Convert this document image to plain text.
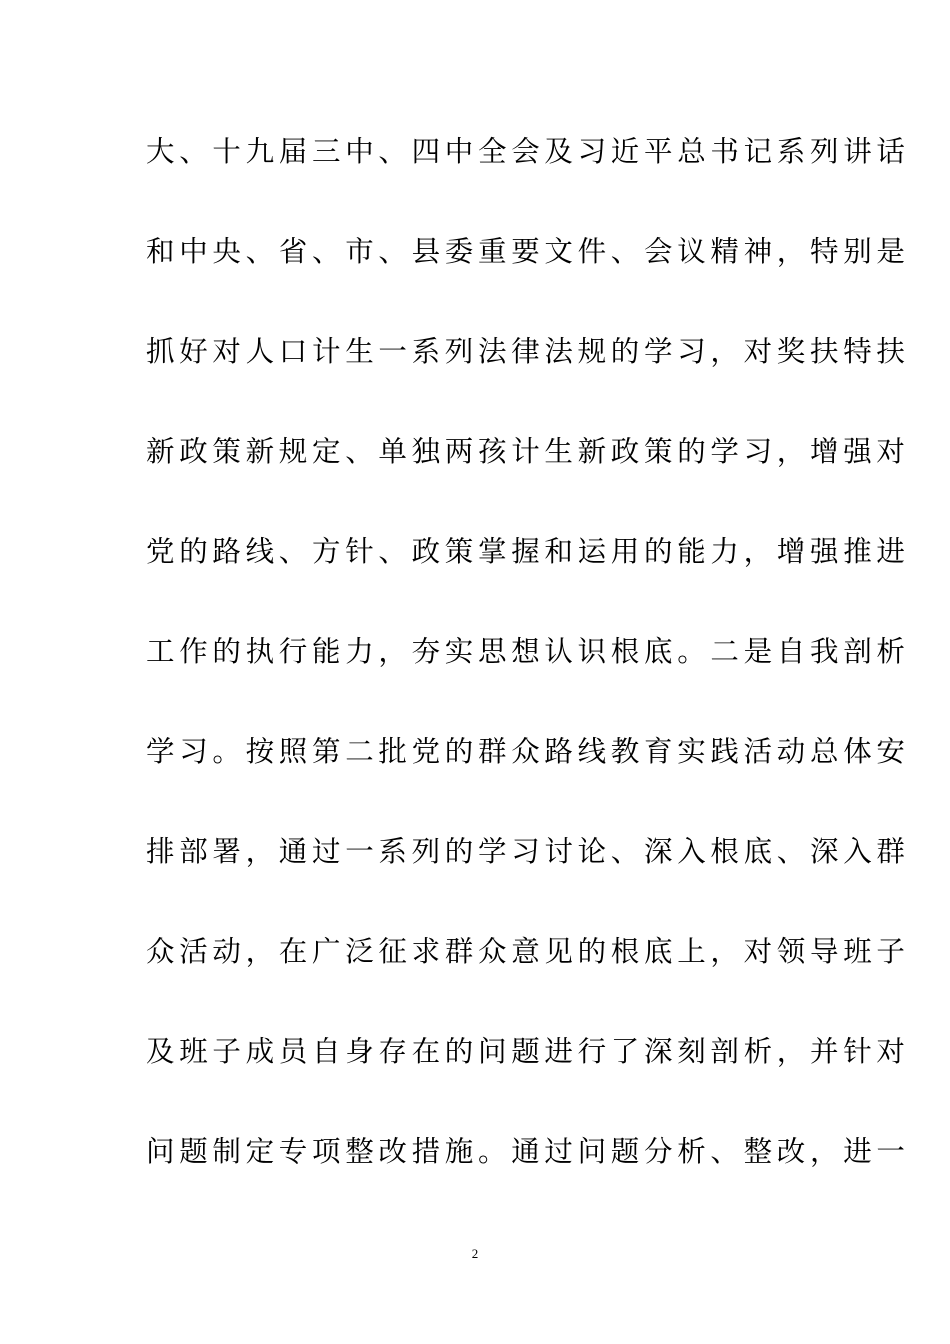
大、十九届三中、四中全会及习近平总书记系列讲话
和中央、省、市、县委重要文件、会议精神，特别是
抓好对人口计生一系列法律法规的学习，对奖扶特扶
新政策新规定、单独两孩计生新政策的学习，增强对
党的路线、方针、政策掌握和运用的能力，增强推进
工作的执行能力，夯实思想认识根底。二是自我剖析
学习。按照第二批党的群众路线教育实践活动总体安
排部署，通过一系列的学习讨论、深入根底、深入群
众活动，在广泛征求群众意见的根底上，对领导班子
及班子成员自身存在的问题进行了深刻剖析，并针对
问题制定专项整改措施。通过问题分析、整改，进一
2
